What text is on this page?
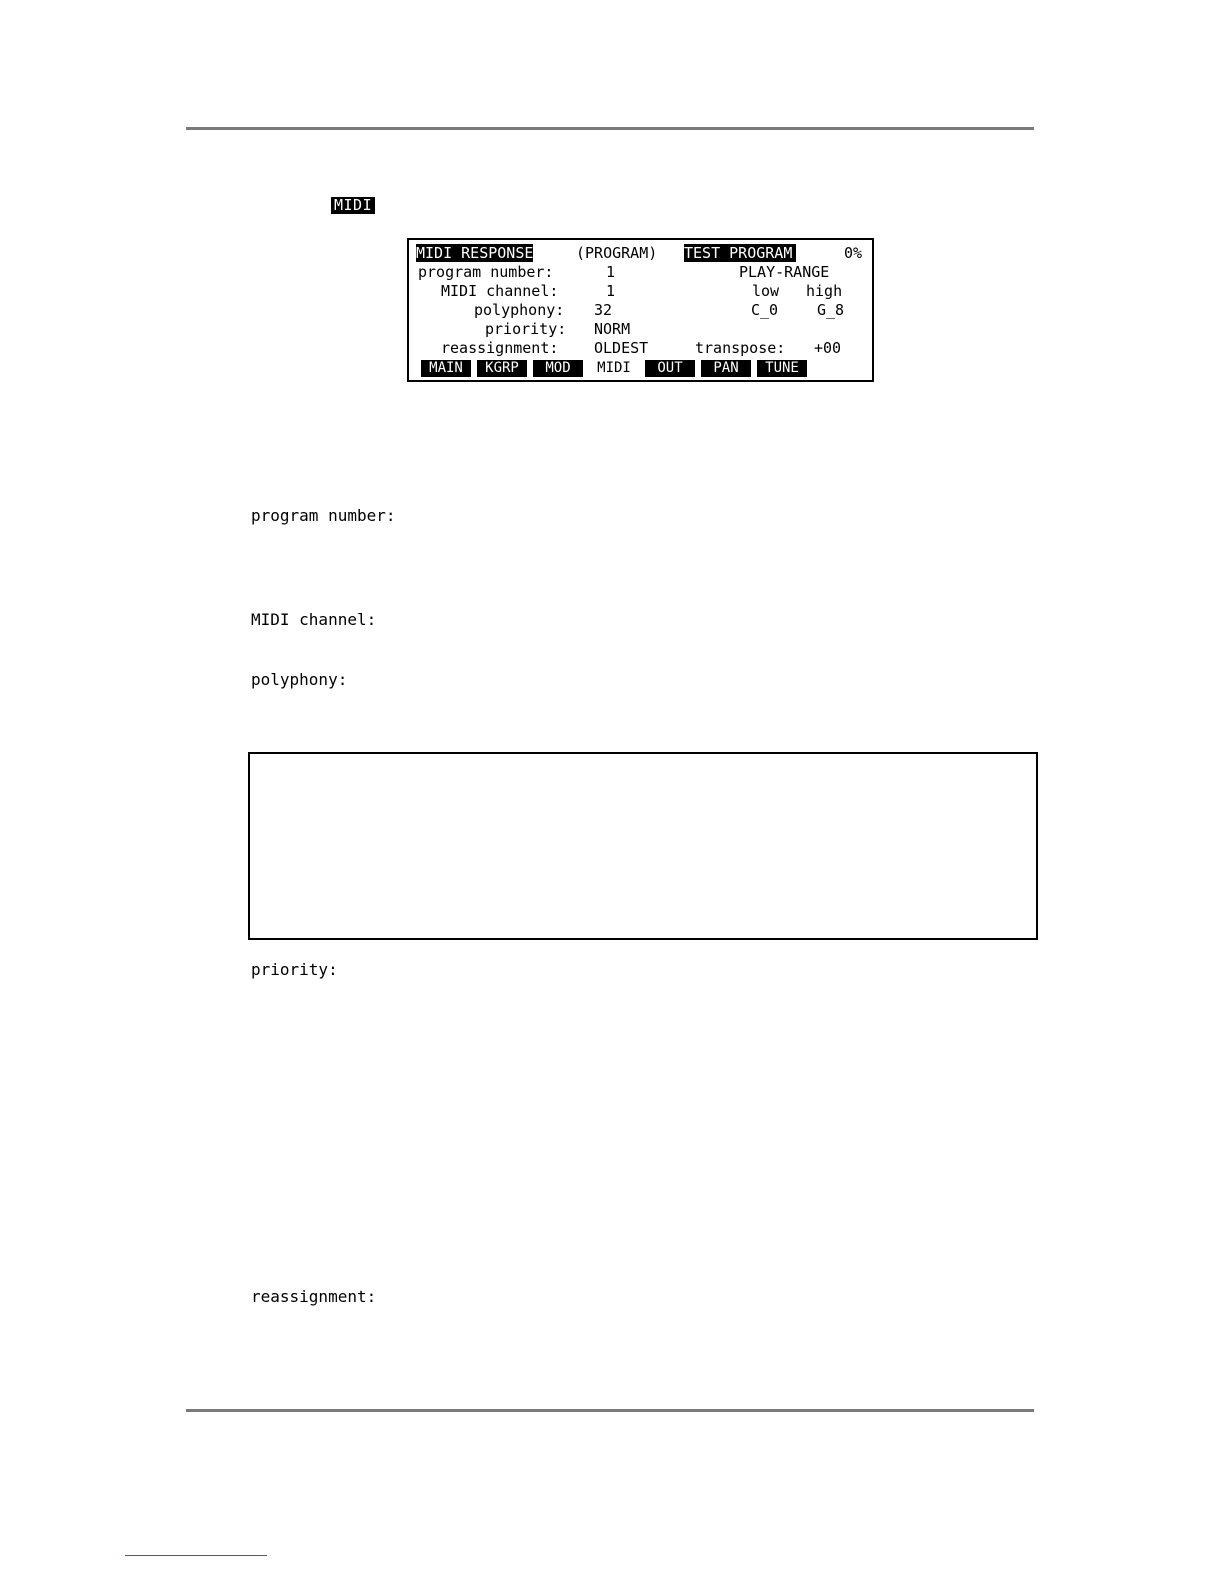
MIDI
MIDI RESPONSE	(PROGRAM) TEST PROGRAM	0%
program number:	1	PLAY-RANGE
MIDI channel:	1	low high
polyphony: 32	C_0	G_8
priority: NORM
reassignment: OLDEST	transpose: +00
MAIN	KGRP	MOD	MIDI	OUT	PAN	TUNE
program number:
MIDI channel:
polyphony:
priority:
reassignment:
